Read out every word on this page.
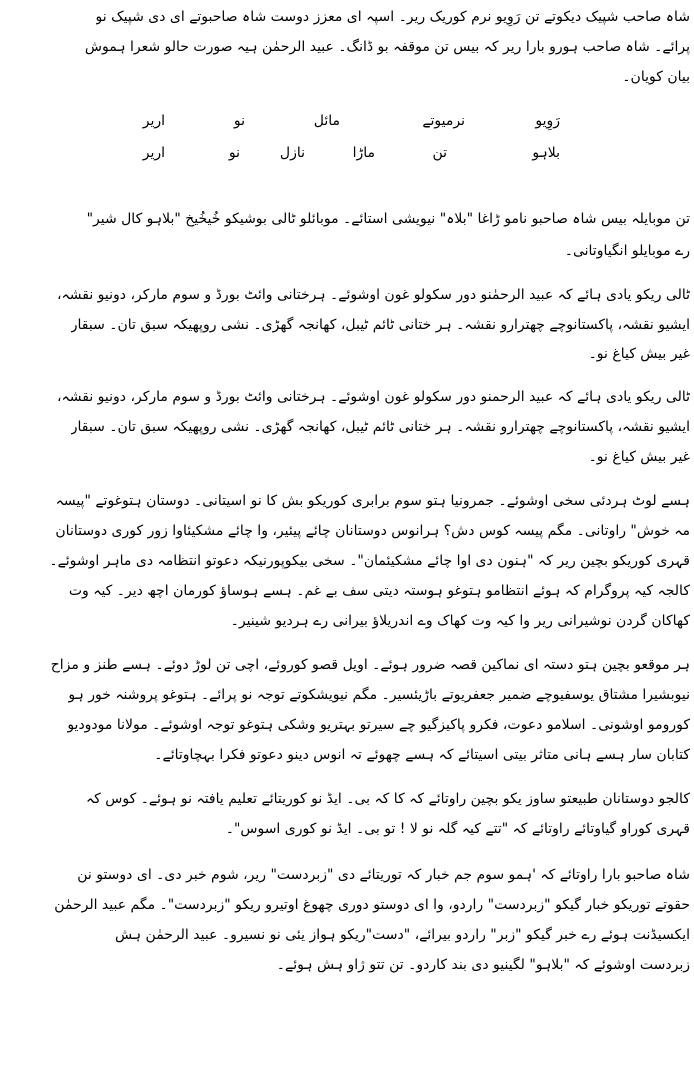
شاہ صاحب شپیک دیکوتے تن رَوِیو نرم کوریک ریر۔ اسپہ ای معزز دوست شاہ صاحبوتے ای دی شپیک نو
پرائے۔ شاہ صاحب ہورو بارا ریر کہ بیس تن موقفہ بو ڈانگ۔ عبید الرحمٰن ہیہ صورت حالو شعرا ہموش
بیان کویان۔
رَوِیو
نرمیوتے
مائل
نو
اریر
بلاہو
تن
ماڑا
نازل
نو
اریر
تن موبایلہ بیس شاہ صاحبو نامو ڑاغا "بلاہ" نیویشی استائے۔ موبائلو ٹالی بوشیکو خُیخُیخ "بلاہو کال شیر"
رے موبایلو انگیاوتانی۔
ٹالی ریکو یادی ہائے کہ عبید الرحمٰنو دور سکولو غون اوشوئے۔ ہرختانی وائٹ بورڈ و سوم مارکر، دونیو نقشہ،
ایشیو نقشہ، پاکستانوچے چھترارو نقشہ۔ ہر ختانی ٹائم ٹیبل، کھانجہ گھڑی۔ نشی روپھیکہ سبق تان۔ سبقار
غیر بیش کیاغ نو۔
ٹالی ریکو یادی ہائے کہ عبید الرحمنو دور سکولو غون اوشوئے۔ ہرختانی وائٹ بورڈ و سوم مارکر، دونیو نقشہ،
ایشیو نقشہ، پاکستانوچے چھترارو نقشہ۔ ہر ختانی ٹائم ٹیبل، کھانجہ گھڑی۔ نشی روپھیکہ سبق تان۔ سبقار
غیر بیش کیاغ نو۔
ہسے لوٹ ہردئی سخی اوشوئے۔ جمرونیا ہتو سوم برابری کوریکو بش کا نو اسیتانی۔ دوستان ہتوغوتے "پیسہ
مہ خوش" راوتانی۔ مگم پیسہ کوس دش؟ ہرانوس دوستانان چائے پیئیر، وا چائے مشکیئاوا زور کوری دوستانان
قہری کوریکو بچین ریر کہ "ہنون دی اوا چائے مشکیئمان"۔ سخی بیکوپورنیکہ دعوتو انتظامہ دی ماہر اوشوئے۔
کالجہ کیہ پروگرام کہ ہوئے انتظامو ہتوغو ہوستہ دیتی سف بے غم۔ ہسے ہوساؤ کورمان اچھ دیر۔ کیہ وت
کھاکان گردن نوشیرانی ریر وا کیہ وت کھاک وے اندریلاؤ بیرانی رے ہردیو شینیر۔
ہر موقعو بچین ہتو دستہ ای نماکین قصہ ضرور ہوئے۔ اویل قصو کوروئے، اچی تن لوڑ دوئے۔ ہسے طنز و مزاح
نیوبشیرا مشتاق یوسفیوچے ضمیر جعفریوتے باڑیئسیر۔ مگم نیویشکوتے توجہ نو پرائے۔ ہتوغو پروشنہ خور ہو
کورومو اوشونی۔ اسلامو دعوت، فکرو پاکیزگیو چے سیرتو بہتریو وشکی ہتوغو توجہ اوشوئے۔ مولانا مودودیو
کتابان سار ہسے ہانی متاثر بیتی اسیتائے کہ ہسے چھوئے تہ انوس دینو دعوتو فکرا بہچاوتائے۔
کالجو دوستانان طبیعتو ساوز یکو بچین راوتائے کہ کا کہ بی۔ ایڈ نو کوریتائے تعلیم یافتہ نو ہوئے۔ کوس کہ
قہری کوراو گیاوتائے راوتائے کہ "تتے کیہ گلہ نو لا ! تو بی۔ ایڈ نو کوری اسوس"۔
شاہ صاحبو بارا راوتائے کہ 'ہمو سوم جم خبار کہ توریتائے دی "زبردست" ریر، شوم خبر دی۔ ای دوستو نن
حقوتے توریکو خبار گیکو "زبردست" راردو، وا ای دوستو دوری چھوغ اوتیرو ریکو "زبردست"۔ مگم عبید الرحمٰن
ایکسیڈنت ہوئے رے خبر گیکو "زبر" راردو بیرائے، "دست"ریکو ہواز یئی نو نسیرو۔ عبید الرحمٰن ہش
زبردست اوشوئے کہ "بلاہو" لگینیو دی بند کاردو۔ تن تتو ژاو ہش ہوئے۔
